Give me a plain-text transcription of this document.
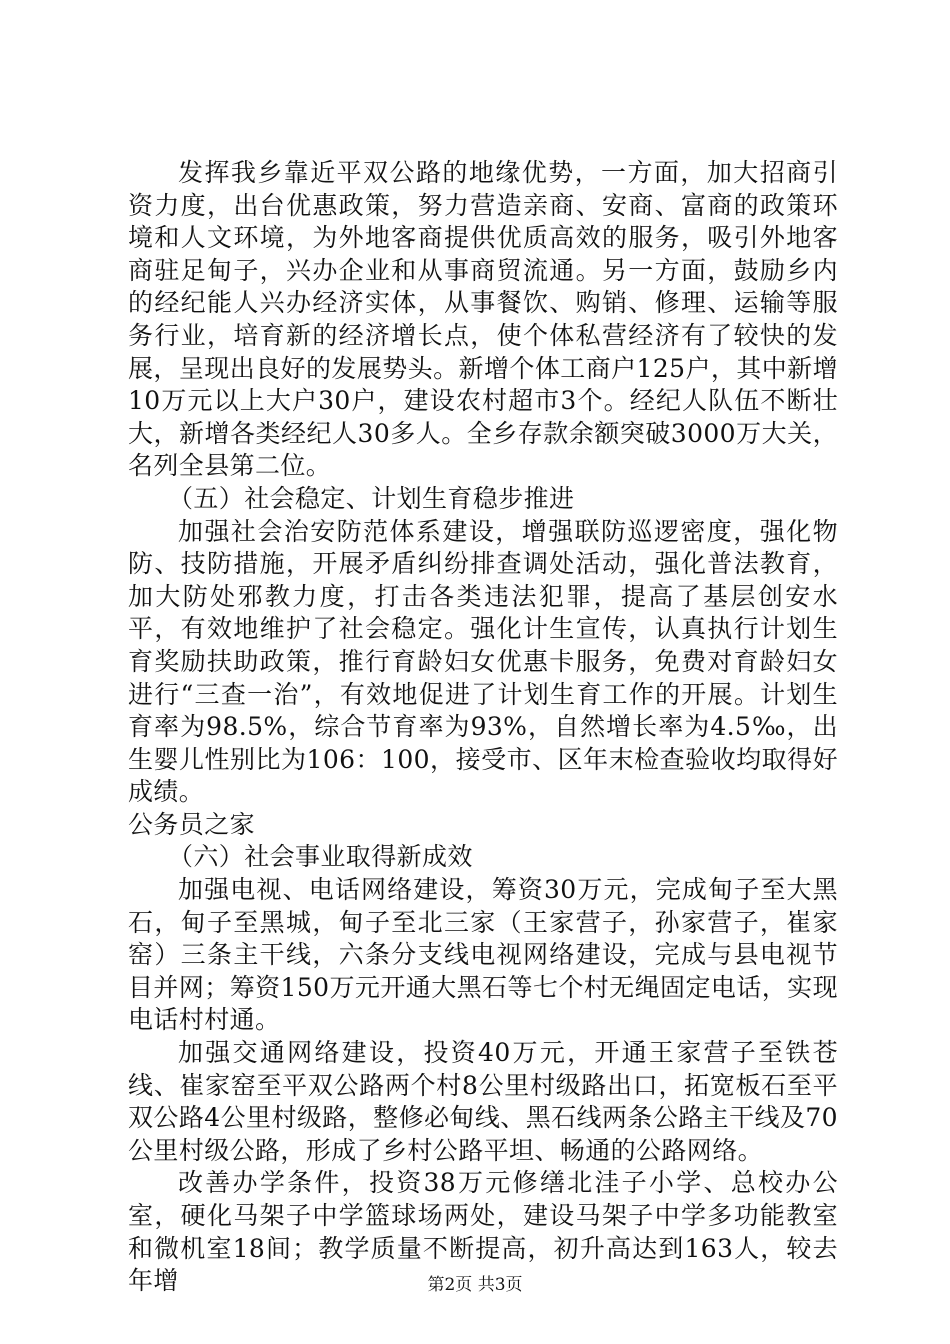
发挥我乡靠近平双公路的地缘优势，一方面，加大招商引资力度，出台优惠政策，努力营造亲商、安商、富商的政策环境和人文环境，为外地客商提供优质高效的服务，吸引外地客商驻足甸子，兴办企业和从事商贸流通。另一方面，鼓励乡内的经纪能人兴办经济实体，从事餐饮、购销、修理、运输等服务行业，培育新的经济增长点，使个体私营经济有了较快的发展，呈现出良好的发展势头。新增个体工商户125户，其中新增10万元以上大户30户，建设农村超市3个。经纪人队伍不断壮大，新增各类经纪人30多人。全乡存款余额突破3000万大关，名列全县第二位。

（五）社会稳定、计划生育稳步推进

加强社会治安防范体系建设，增强联防巡逻密度，强化物防、技防措施，开展矛盾纠纷排查调处活动，强化普法教育，加大防处邪教力度，打击各类违法犯罪，提高了基层创安水平，有效地维护了社会稳定。强化计生宣传，认真执行计划生育奖励扶助政策，推行育龄妇女优惠卡服务，免费对育龄妇女进行“三查一治”，有效地促进了计划生育工作的开展。计划生育率为98.5%，综合节育率为93%，自然增长率为4.5‰，出生婴儿性别比为106：100，接受市、区年末检查验收均取得好成绩。

公务员之家

（六）社会事业取得新成效

加强电视、电话网络建设，筹资30万元，完成甸子至大黑石，甸子至黑城，甸子至北三家（王家营子，孙家营子，崔家窑）三条主干线，六条分支线电视网络建设，完成与县电视节目并网；筹资150万元开通大黑石等七个村无绳固定电话，实现电话村村通。

加强交通网络建设，投资40万元，开通王家营子至铁苍线、崔家窑至平双公路两个村8公里村级路出口，拓宽板石至平双公路4公里村级路，整修必甸线、黑石线两条公路主干线及70公里村级公路，形成了乡村公路平坦、畅通的公路网络。

改善办学条件，投资38万元修缮北洼子小学、总校办公室，硬化马架子中学篮球场两处，建设马架子中学多功能教室和微机室18间；教学质量不断提高，初升高达到163人，较去年增	第2页 共3页
